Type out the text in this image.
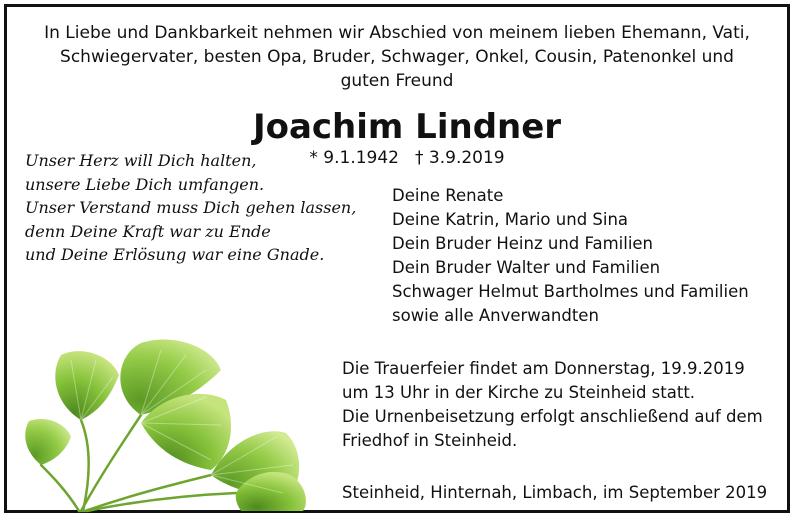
In Liebe und Dankbarkeit nehmen wir Abschied von meinem lieben Ehemann, Vati,
Schwiegervater, besten Opa, Bruder, Schwager, Onkel, Cousin, Patenonkel und
guten Freund
Joachim Lindner
* 9.1.1942 † 3.9.2019
Unser Herz will Dich halten,
unsere Liebe Dich umfangen.
Unser Verstand muss Dich gehen lassen,
denn Deine Kraft war zu Ende
und Deine Erlösung war eine Gnade.
Deine Renate
Deine Katrin, Mario und Sina
Dein Bruder Heinz und Familien
Dein Bruder Walter und Familien
Schwager Helmut Bartholmes und Familien
sowie alle Anverwandten
Die Trauerfeier findet am Donnerstag, 19.9.2019
um 13 Uhr in der Kirche zu Steinheid statt.
Die Urnenbeisetzung erfolgt anschließend auf dem
Friedhof in Steinheid.
Steinheid, Hinternah, Limbach, im September 2019
